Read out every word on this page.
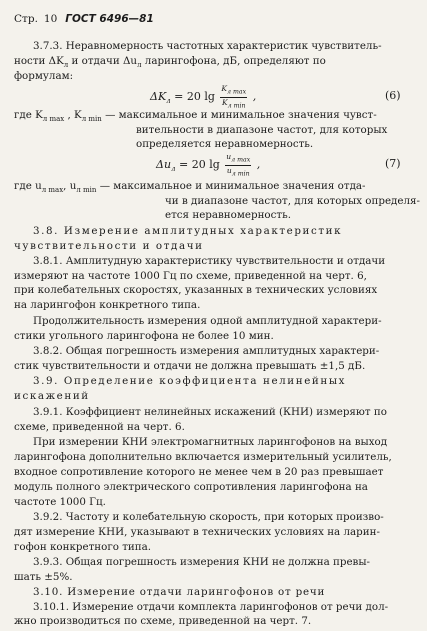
Стр. 10 ГОСТ 6496—81
3.7.3. Неравномерность частотных характеристик чувствитель-
ности $\Delta K_л$ и отдачи $\Delta u_л$ ларингофона, дБ, определяют по
формулам:
$\Delta K_л = 20$ $\lg \frac{K_{л max}}{K_{л min}}$ ,	(6)
где $K_{л max}$ , $K_{л min}$ — максимальное и минимальное значения чувст-
вительности в диапазоне частот, для которых
определяется неравномерность.
$\Delta u_л = 20$ $\lg \frac{u_{л max}}{u_{л min}}$ ,	(7)
где $u_{л max}$, $u_{л min}$ — максимальное и минимальное значения отда-
чи в диапазоне частот, для которых определя-
ется неравномерность.
3.8. Измерение амплитудных характеристик
чувствительности и отдачи
3.8.1. Амплитудную характеристику чувствительности и отдачи
измеряют на частоте 1000 Гц по схеме, приведенной на черт. 6,
при колебательных скоростях, указанных в технических условиях
на ларингофон конкретного типа.
Продолжительность измерения одной амплитудной характери-
стики угольного ларингофона не более 10 мин.
3.8.2. Общая погрешность измерения амплитудных характери-
стик чувствительности и отдачи не должна превышать ±1,5 дБ.
3.9. Определение коэффициента нелинейных
искажений
3.9.1. Коэффициент нелинейных искажений (КНИ) измеряют по
схеме, приведенной на черт. 6.
При измерении КНИ электромагнитных ларингофонов на выход
ларингофона дополнительно включается измерительный усилитель,
входное сопротивление которого не менее чем в 20 раз превышает
модуль полного электрического сопротивления ларингофона на
частоте 1000 Гц.
3.9.2. Частоту и колебательную скорость, при которых произво-
дят измерение КНИ, указывают в технических условиях на ларин-
гофон конкретного типа.
3.9.3. Общая погрешность измерения КНИ не должна превы-
шать ±5%.
3.10. Измерение отдачи ларингофонов от речи
3.10.1. Измерение отдачи комплекта ларингофонов от речи дол-
жно производиться по схеме, приведенной на черт. 7.
